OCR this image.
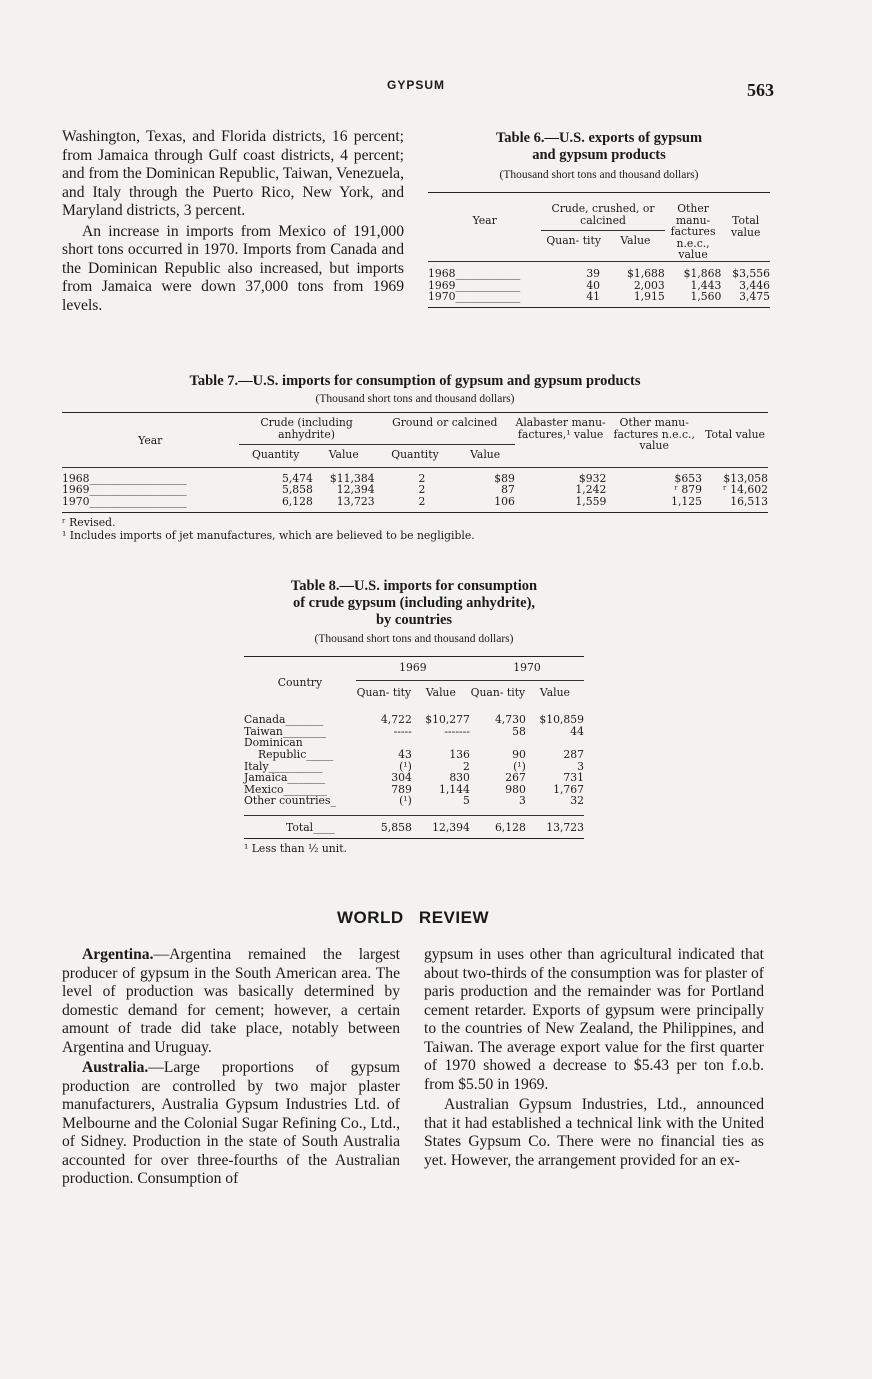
GYPSUM	563

Washington, Texas, and Florida districts, 16 percent; from Jamaica through Gulf coast districts, 4 percent; and from the Dominican Republic, Taiwan, Venezuela, and Italy through the Puerto Rico, New York, and Maryland districts, 3 percent.

An increase in imports from Mexico of 191,000 short tons occurred in 1970. Imports from Canada and the Dominican Republic also increased, but imports from Jamaica were down 37,000 tons from 1969 levels.

Table 6.—U.S. exports of gypsum
and gypsum products
(Thousand short tons and thousand dollars)
Year	Crude, crushed, or calcined		Other manu- factures n.e.c., value	Total value
	Quan- tity	Value		
1968____________	39	$1,688	$1,868	$3,556
1969____________	40	2,003	1,443	3,446
1970____________	41	1,915	1,560	3,475
Table 7.—U.S. imports for consumption of gypsum and gypsum products
(Thousand short tons and thousand dollars)
Year	Crude (including anhydrite)		Ground or calcined		Alabaster manu- factures,¹ value	Other manu- factures n.e.c., value	Total value
	Quantity	Value	Quantity	Value			
1968__________________	5,474	$11,384	2	$89	$932	$653	$13,058
1969__________________	5,858	12,394	2	87	1,242	ʳ 879	ʳ 14,602
1970__________________	6,128	13,723	2	106	1,559	1,125	16,513
ʳ Revised.
¹ Includes imports of jet manufactures, which are believed to be negligible.
Table 8.—U.S. imports for consumption
of crude gypsum (including anhydrite),
by countries
(Thousand short tons and thousand dollars)
Country	1969		1970	
	Quan- tity	Value	Quan- tity	Value
Canada_______	4,722	$10,277	4,730	$10,859
Taiwan________	-----	-------	58	44
Dominican				
Republic_____	43	136	90	287
Italy__________	(¹)	2	(¹)	3
Jamaica_______	304	830	267	731
Mexico________	789	1,144	980	1,767
Other countries_	(¹)	5	3	32
Total____	5,858	12,394	6,128	13,723
¹ Less than ½ unit.
WORLD REVIEW

Argentina.—Argentina remained the largest producer of gypsum in the South American area. The level of production was basically determined by domestic demand for cement; however, a certain amount of trade did take place, notably between Argentina and Uruguay.

Australia.—Large proportions of gypsum production are controlled by two major plaster manufacturers, Australia Gypsum Industries Ltd. of Melbourne and the Colonial Sugar Refining Co., Ltd., of Sidney. Production in the state of South Australia accounted for over three-fourths of the Australian production. Consumption of

gypsum in uses other than agricultural indicated that about two-thirds of the consumption was for plaster of paris production and the remainder was for Portland cement retarder. Exports of gypsum were principally to the countries of New Zealand, the Philippines, and Taiwan. The average export value for the first quarter of 1970 showed a decrease to $5.43 per ton f.o.b. from $5.50 in 1969.

Australian Gypsum Industries, Ltd., announced that it had established a technical link with the United States Gypsum Co. There were no financial ties as yet. However, the arrangement provided for an ex-
